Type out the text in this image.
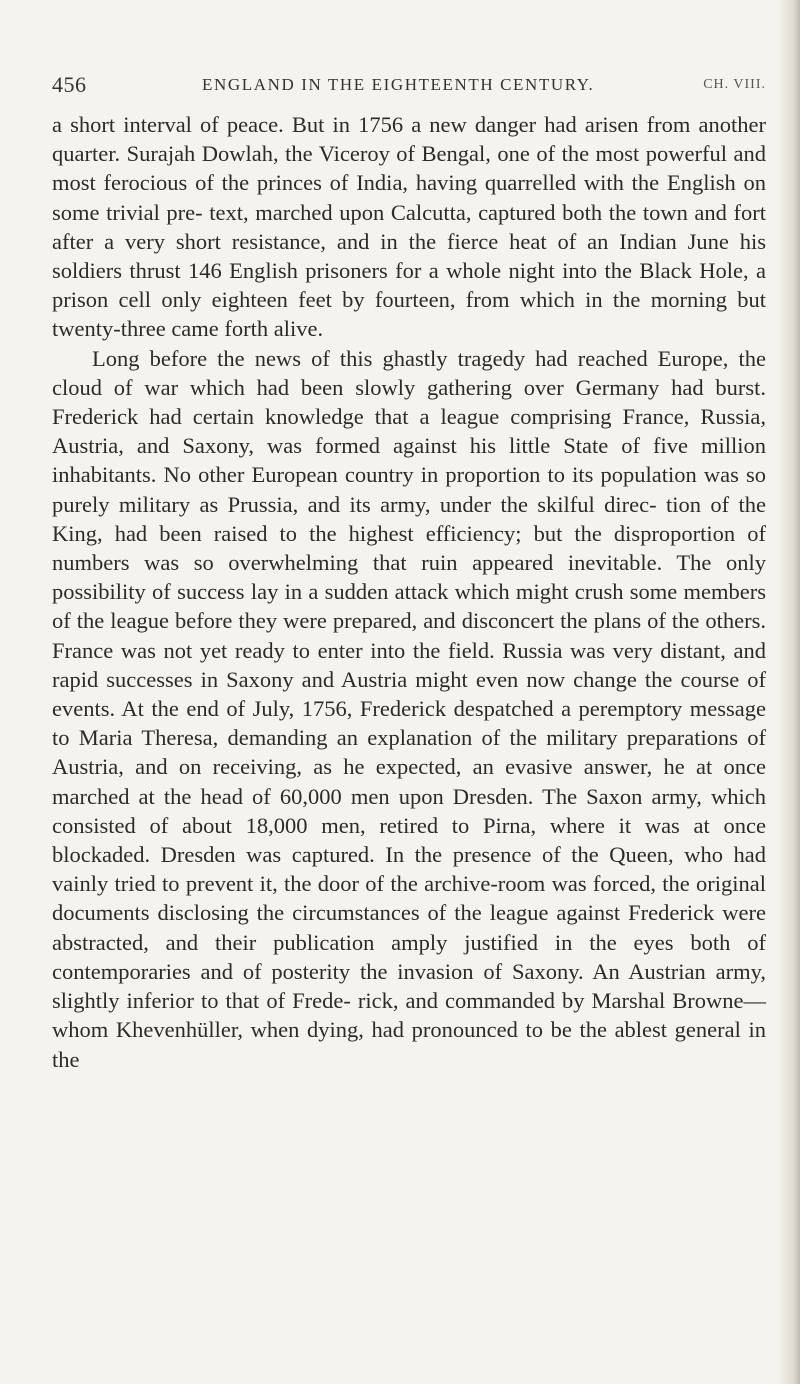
456	ENGLAND IN THE EIGHTEENTH CENTURY.	CH. VIII.

a short interval of peace. But in 1756 a new danger had arisen from another quarter. Surajah Dowlah, the Viceroy of Bengal, one of the most powerful and most ferocious of the princes of India, having quarrelled with the English on some trivial pre- text, marched upon Calcutta, captured both the town and fort after a very short resistance, and in the fierce heat of an Indian June his soldiers thrust 146 English prisoners for a whole night into the Black Hole, a prison cell only eighteen feet by fourteen, from which in the morning but twenty-three came forth alive.

Long before the news of this ghastly tragedy had reached Europe, the cloud of war which had been slowly gathering over Germany had burst. Frederick had certain knowledge that a league comprising France, Russia, Austria, and Saxony, was formed against his little State of five million inhabitants. No other European country in proportion to its population was so purely military as Prussia, and its army, under the skilful direc- tion of the King, had been raised to the highest efficiency; but the disproportion of numbers was so overwhelming that ruin appeared inevitable. The only possibility of success lay in a sudden attack which might crush some members of the league before they were prepared, and disconcert the plans of the others. France was not yet ready to enter into the field. Russia was very distant, and rapid successes in Saxony and Austria might even now change the course of events. At the end of July, 1756, Frederick despatched a peremptory message to Maria Theresa, demanding an explanation of the military preparations of Austria, and on receiving, as he expected, an evasive answer, he at once marched at the head of 60,000 men upon Dresden. The Saxon army, which consisted of about 18,000 men, retired to Pirna, where it was at once blockaded. Dresden was captured. In the presence of the Queen, who had vainly tried to prevent it, the door of the archive-room was forced, the original documents disclosing the circumstances of the league against Frederick were abstracted, and their publication amply justified in the eyes both of contemporaries and of posterity the invasion of Saxony. An Austrian army, slightly inferior to that of Frede- rick, and commanded by Marshal Browne—whom Khevenhüller, when dying, had pronounced to be the ablest general in the
